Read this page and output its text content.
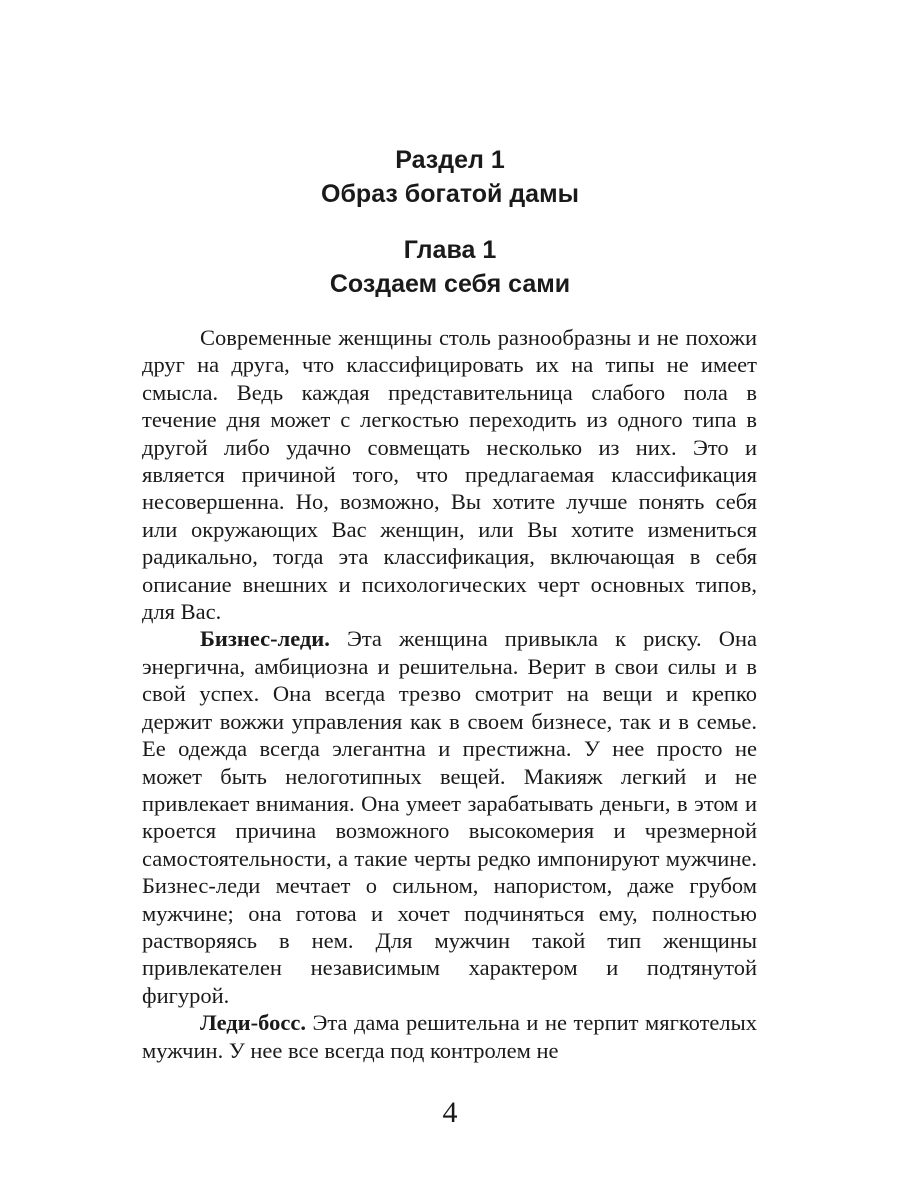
Раздел 1
Образ богатой дамы
Глава 1
Создаем себя сами

Современные женщины столь разнообразны и не похожи друг на друга, что классифицировать их на типы не имеет смысла. Ведь каждая представительница слабого пола в течение дня может с легкостью переходить из одного типа в другой либо удачно совмещать несколько из них. Это и является причиной того, что предлагаемая классификация несовершенна. Но, возможно, Вы хотите лучше понять себя или окружающих Вас женщин, или Вы хотите измениться радикально, тогда эта классификация, включающая в себя описание внешних и психологических черт основных типов, для Вас.

Бизнес-леди. Эта женщина привыкла к риску. Она энергична, амбициозна и решительна. Верит в свои силы и в свой успех. Она всегда трезво смотрит на вещи и крепко держит вожжи управления как в своем бизнесе, так и в семье. Ее одежда всегда элегантна и престижна. У нее просто не может быть нелоготипных вещей. Макияж легкий и не привлекает внимания. Она умеет зарабатывать деньги, в этом и кроется причина возможного высокомерия и чрезмерной самостоятельности, а такие черты редко импонируют мужчине. Бизнес-леди мечтает о сильном, напористом, даже грубом мужчине; она готова и хочет подчиняться ему, полностью растворяясь в нем. Для мужчин такой тип женщины привлекателен независимым характером и подтянутой фигурой.

Леди-босс. Эта дама решительна и не терпит мягкотелых мужчин. У нее все всегда под контролем не

4
